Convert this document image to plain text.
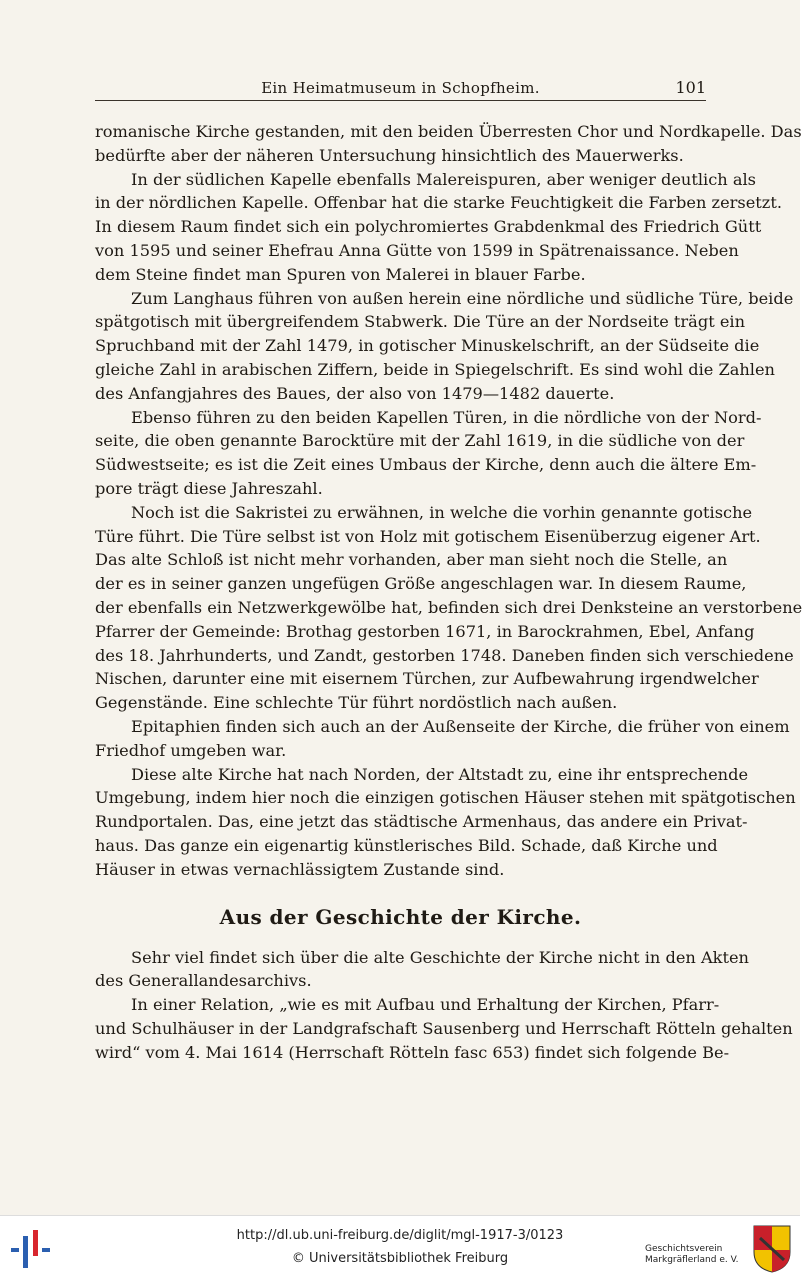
Ein Heimatmuseum in Schopfheim.	101
romanische Kirche gestanden, mit den beiden Überresten Chor und Nordkapelle. Das
bedürfte aber der näheren Untersuchung hinsichtlich des Mauerwerks.
In der südlichen Kapelle ebenfalls Malereispuren, aber weniger deutlich als
in der nördlichen Kapelle. Offenbar hat die starke Feuchtigkeit die Farben zersetzt.
In diesem Raum findet sich ein polychromiertes Grabdenkmal des Friedrich Gütt
von 1595 und seiner Ehefrau Anna Gütte von 1599 in Spätrenaissance. Neben
dem Steine findet man Spuren von Malerei in blauer Farbe.
Zum Langhaus führen von außen herein eine nördliche und südliche Türe, beide
spätgotisch mit übergreifendem Stabwerk. Die Türe an der Nordseite trägt ein
Spruchband mit der Zahl 1479, in gotischer Minuskelschrift, an der Südseite die
gleiche Zahl in arabischen Ziffern, beide in Spiegelschrift. Es sind wohl die Zahlen
des Anfangjahres des Baues, der also von 1479—1482 dauerte.
Ebenso führen zu den beiden Kapellen Türen, in die nördliche von der Nord-
seite, die oben genannte Barocktüre mit der Zahl 1619, in die südliche von der
Südwestseite; es ist die Zeit eines Umbaus der Kirche, denn auch die ältere Em-
pore trägt diese Jahreszahl.
Noch ist die Sakristei zu erwähnen, in welche die vorhin genannte gotische
Türe führt. Die Türe selbst ist von Holz mit gotischem Eisenüberzug eigener Art.
Das alte Schloß ist nicht mehr vorhanden, aber man sieht noch die Stelle, an
der es in seiner ganzen ungefügen Größe angeschlagen war. In diesem Raume,
der ebenfalls ein Netzwerkgewölbe hat, befinden sich drei Denksteine an verstorbene
Pfarrer der Gemeinde: Brothag gestorben 1671, in Barockrahmen, Ebel, Anfang
des 18. Jahrhunderts, und Zandt, gestorben 1748. Daneben finden sich verschiedene
Nischen, darunter eine mit eisernem Türchen, zur Aufbewahrung irgendwelcher
Gegenstände. Eine schlechte Tür führt nordöstlich nach außen.
Epitaphien finden sich auch an der Außenseite der Kirche, die früher von einem
Friedhof umgeben war.
Diese alte Kirche hat nach Norden, der Altstadt zu, eine ihr entsprechende
Umgebung, indem hier noch die einzigen gotischen Häuser stehen mit spätgotischen
Rundportalen. Das, eine jetzt das städtische Armenhaus, das andere ein Privat-
haus. Das ganze ein eigenartig künstlerisches Bild. Schade, daß Kirche und
Häuser in etwas vernachlässigtem Zustande sind.
Aus der Geschichte der Kirche.
Sehr viel findet sich über die alte Geschichte der Kirche nicht in den Akten
des Generallandesarchivs.
In einer Relation, „wie es mit Aufbau und Erhaltung der Kirchen, Pfarr-
und Schulhäuser in der Landgrafschaft Sausenberg und Herrschaft Rötteln gehalten
wird“ vom 4. Mai 1614 (Herrschaft Rötteln fasc 653) findet sich folgende Be-
http://dl.ub.uni-freiburg.de/diglit/mgl-1917-3/0123
© Universitätsbibliothek Freiburg
Geschichtsverein
Markgräflerland e. V.
